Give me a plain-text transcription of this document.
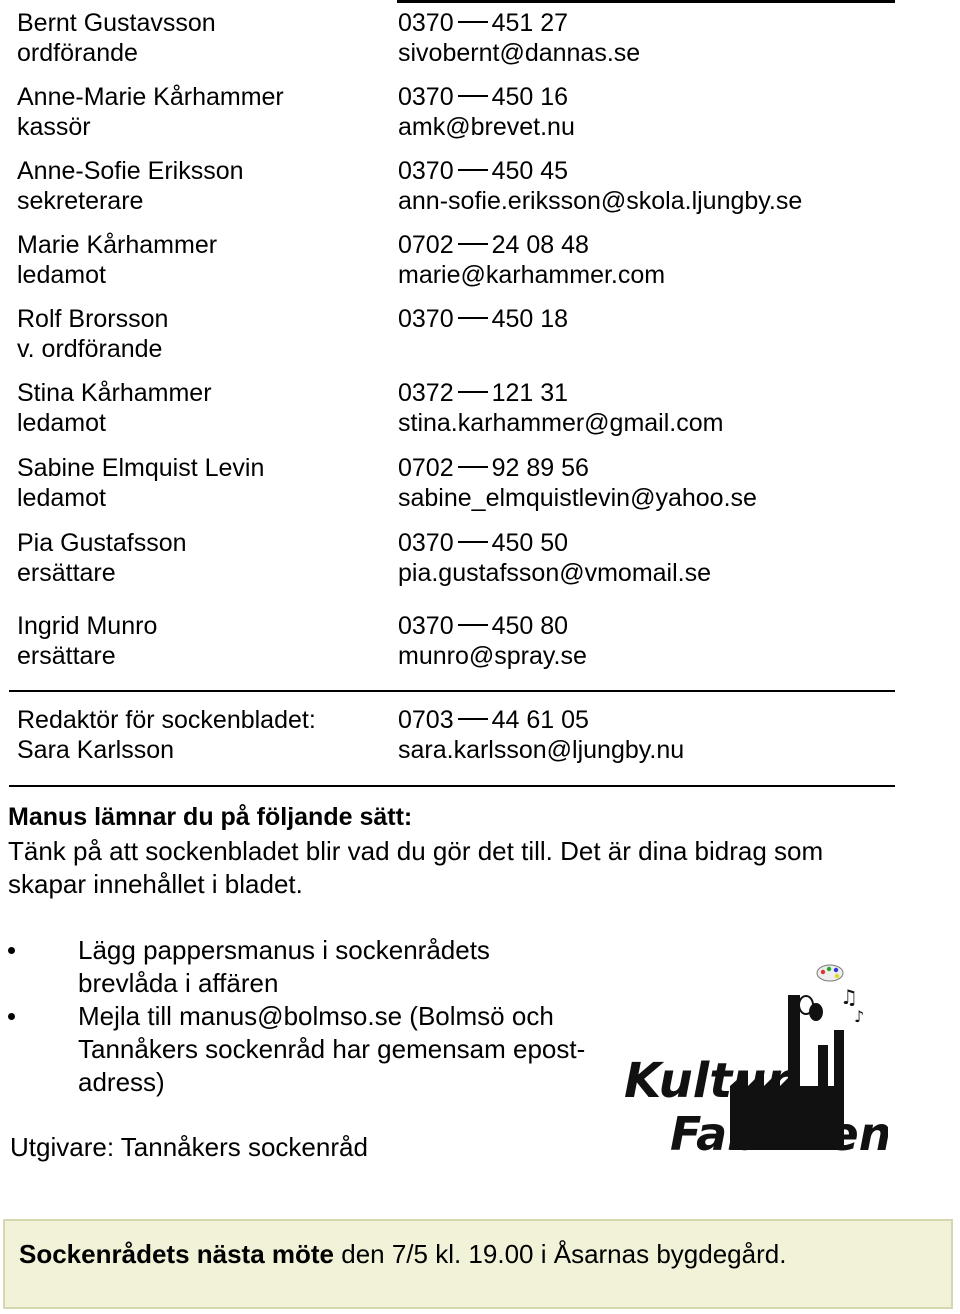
Bernt Gustavsson
ordförande
0370 451 27
sivobernt@dannas.se
Anne-Marie Kårhammer
kassör
0370 450 16
amk@brevet.nu
Anne-Sofie Eriksson
sekreterare
0370 450 45
ann-sofie.eriksson@skola.ljungby.se
Marie Kårhammer
ledamot
0702 24 08 48
marie@karhammer.com
Rolf Brorsson
v. ordförande
0370 450 18
Stina Kårhammer
ledamot
0372 121 31
stina.karhammer@gmail.com
Sabine Elmquist Levin
ledamot
0702 92 89 56
sabine_elmquistlevin@yahoo.se
Pia Gustafsson
ersättare
0370 450 50
pia.gustafsson@vmomail.se
Ingrid Munro
ersättare
0370 450 80
munro@spray.se
Redaktör för sockenbladet:
Sara Karlsson
0703 44 61 05
sara.karlsson@ljungby.nu
Manus lämnar du på följande sätt:
Tänk på att sockenbladet blir vad du gör det till. Det är dina bidrag som skapar innehållet i bladet.
Lägg pappersmanus i sockenrådets brevlåda i affären
Mejla till manus@bolmso.se (Bolmsö och Tannåkers sockenråd har gemensam epost-adress)
Utgivare: Tannåkers sockenråd
♫
♪
Kultur
Fabriken
Sockenrådets nästa möte den 7/5 kl. 19.00 i Åsarnas bygdegård.
